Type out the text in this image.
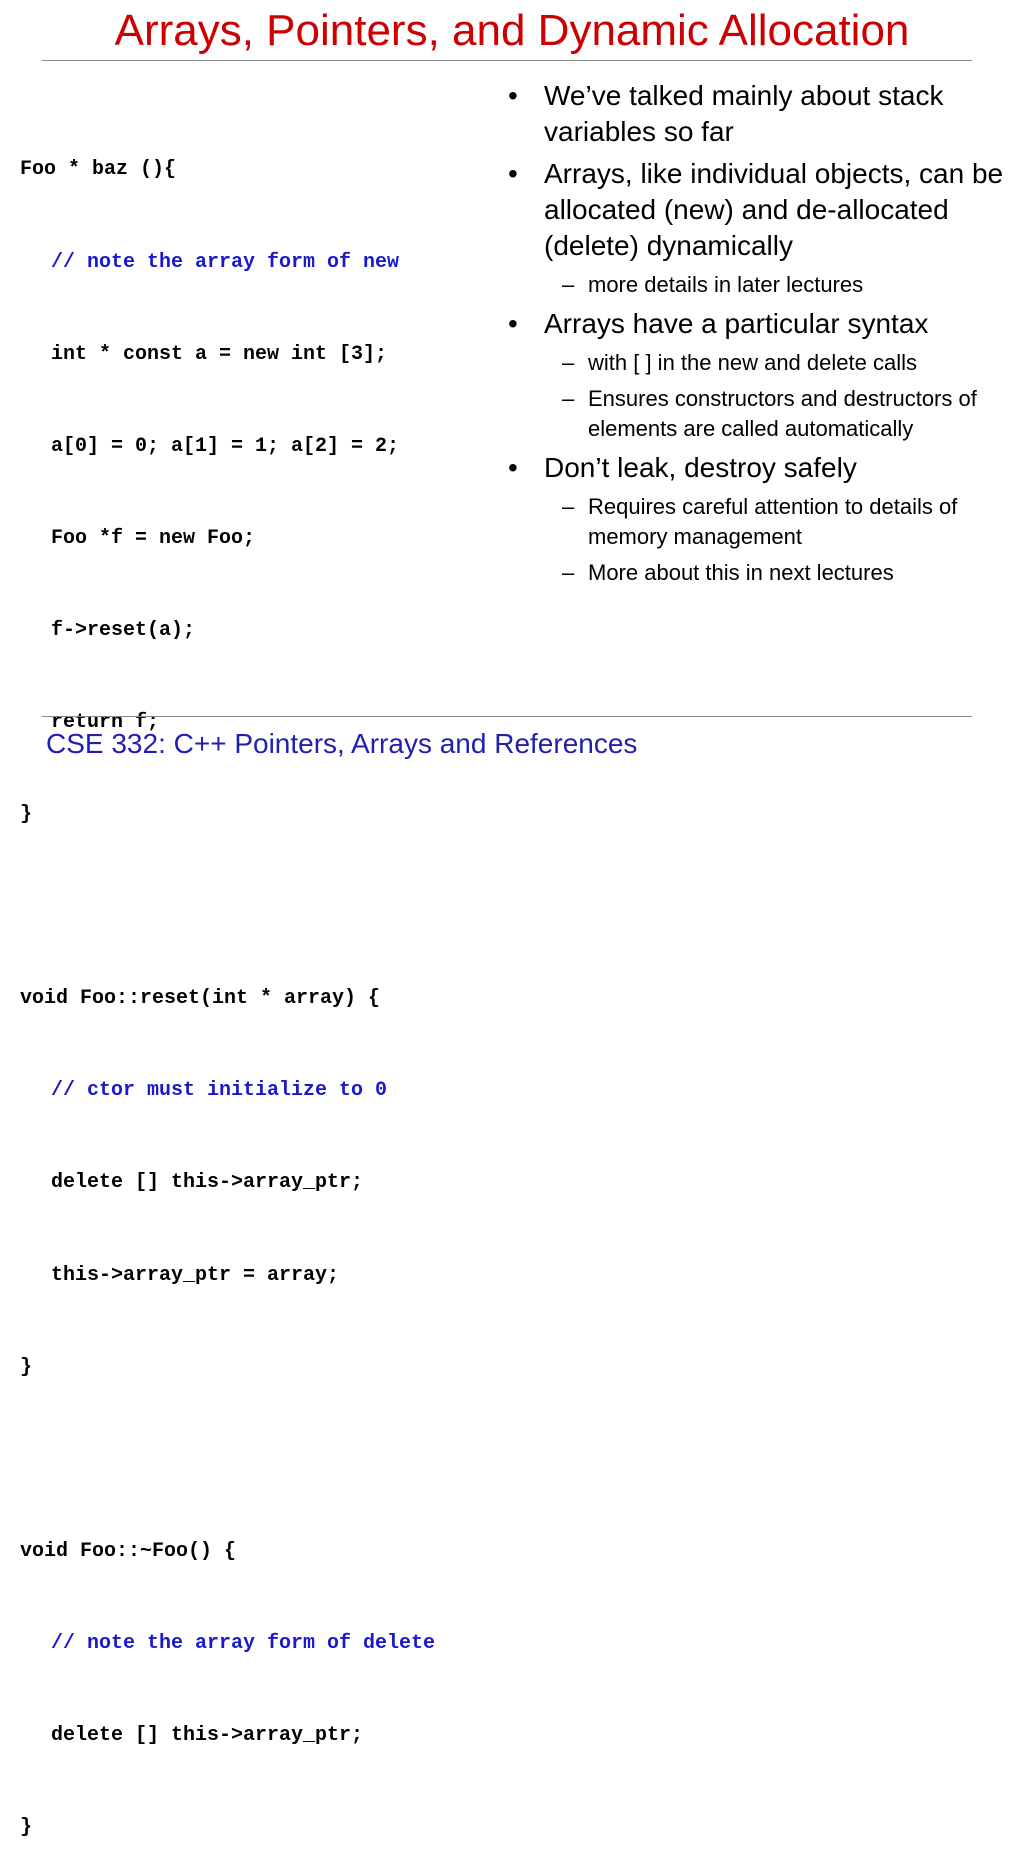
Arrays, Pointers, and Dynamic Allocation

Foo * baz (){

// note the array form of new

int * const a = new int [3];

a[0] = 0; a[1] = 1; a[2] = 2;

Foo *f = new Foo;

f->reset(a);

return f;

}

void Foo::reset(int * array) {

// ctor must initialize to 0

delete [] this->array_ptr;

this->array_ptr = array;

}

void Foo::~Foo() {

// note the array form of delete

delete [] this->array_ptr;

}

• We’ve talked mainly about stack variables so far
• Arrays, like individual objects, can be allocated (new) and de-allocated (delete) dynamically
– more details in later lectures
• Arrays have a particular syntax
– with [ ] in the new and delete calls
– Ensures constructors and destructors of elements are called automatically
• Don’t leak, destroy safely
– Requires careful attention to details of memory management
– More about this in next lectures
CSE 332: C++ Pointers, Arrays and References
